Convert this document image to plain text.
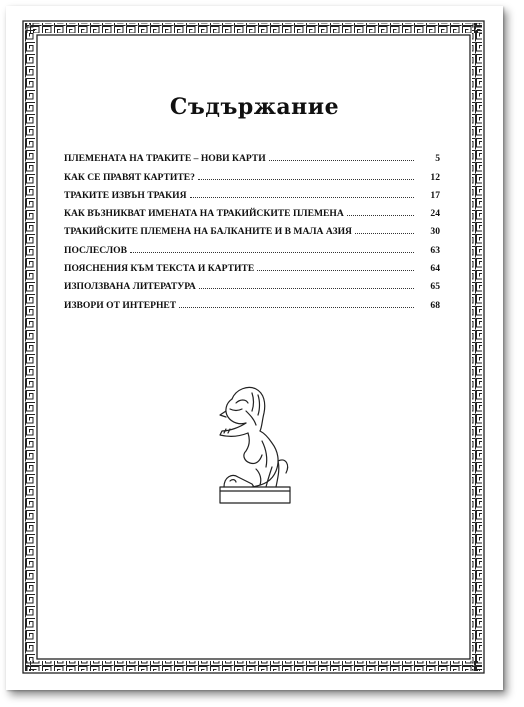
Съдържание
ПЛЕМЕНАТА НА ТРАКИТЕ – НОВИ КАРТИ	5
КАК СЕ ПРАВЯТ КАРТИТЕ?	12
ТРАКИТЕ ИЗВЪН ТРАКИЯ	17
КАК ВЪЗНИКВАТ ИМЕНАТА НА ТРАКИЙСКИТЕ ПЛЕМЕНА	24
ТРАКИЙСКИТЕ ПЛЕМЕНА НА БАЛКАНИТЕ И В МАЛА АЗИЯ	30
ПОСЛЕСЛОВ	63
ПОЯСНЕНИЯ КЪМ ТЕКСТА И КАРТИТЕ	64
ИЗПОЛЗВАНА ЛИТЕРАТУРА	65
ИЗВОРИ ОТ ИНТЕРНЕТ	68
